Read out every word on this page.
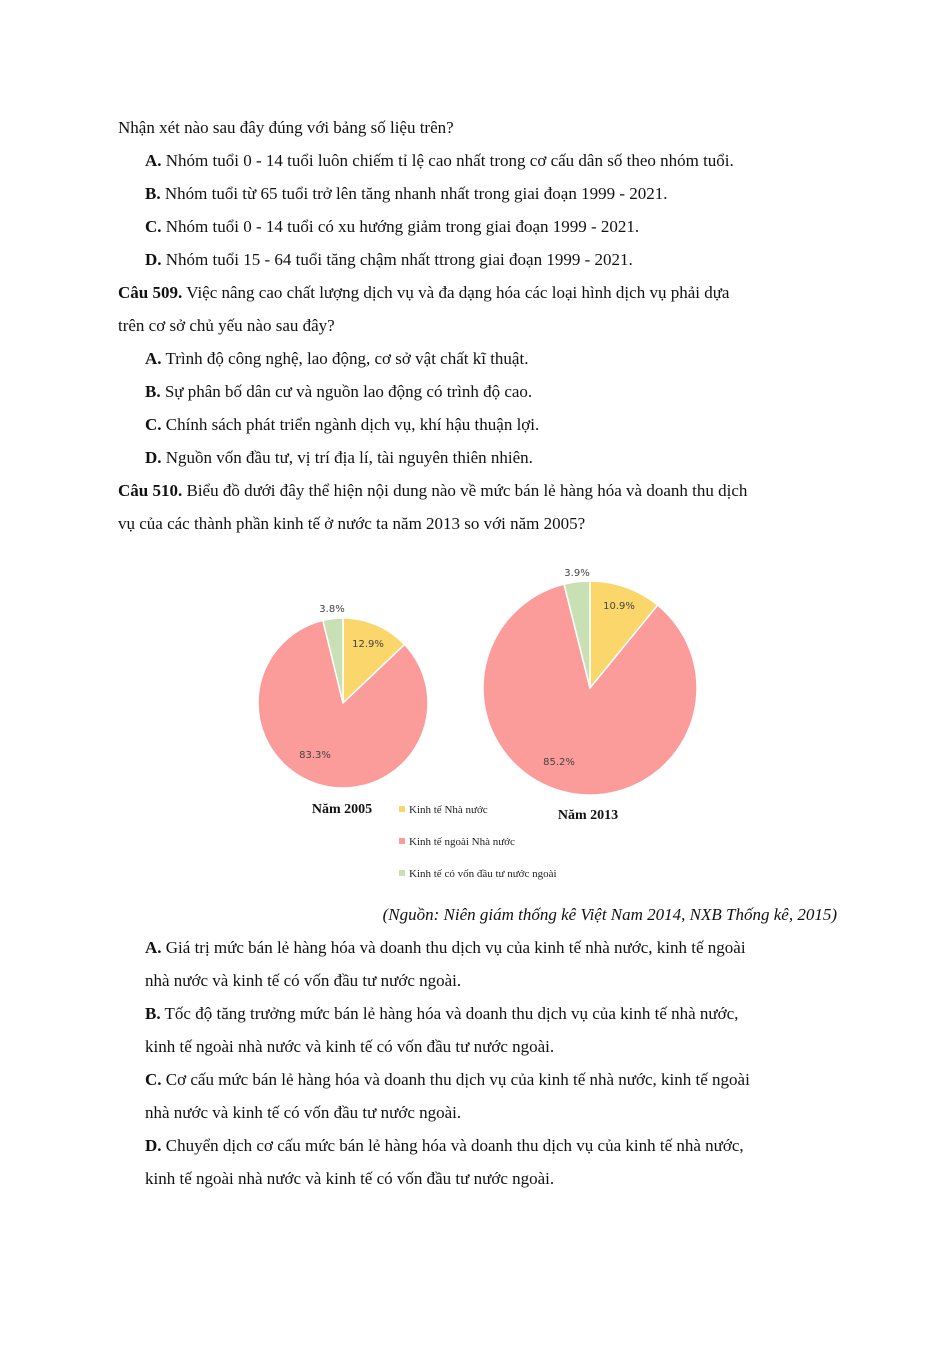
Nhận xét nào sau đây đúng với bảng số liệu trên?
A. Nhóm tuổi 0 - 14 tuổi luôn chiếm tỉ lệ cao nhất trong cơ cấu dân số theo nhóm tuổi.
B. Nhóm tuổi từ 65 tuổi trở lên tăng nhanh nhất trong giai đoạn 1999 - 2021.
C. Nhóm tuổi 0 - 14 tuổi có xu hướng giảm trong giai đoạn 1999 - 2021.
D. Nhóm tuổi 15 - 64 tuổi tăng chậm nhất ttrong giai đoạn 1999 - 2021.
Câu 509. Việc nâng cao chất lượng dịch vụ và đa dạng hóa các loại hình dịch vụ phải dựa
trên cơ sở chủ yếu nào sau đây?
A. Trình độ công nghệ, lao động, cơ sở vật chất kĩ thuật.
B. Sự phân bố dân cư và nguồn lao động có trình độ cao.
C. Chính sách phát triển ngành dịch vụ, khí hậu thuận lợi.
D. Nguồn vốn đầu tư, vị trí địa lí, tài nguyên thiên nhiên.
Câu 510. Biểu đồ dưới đây thể hiện nội dung nào về mức bán lẻ hàng hóa và doanh thu dịch
vụ của các thành phần kinh tế ở nước ta năm 2013 so với năm 2005?
12.9%
83.3%
3.8%
Năm 2005
10.9%
85.2%
3.9%
Năm 2013
Kinh tế Nhà nước
Kinh tế ngoài Nhà nước
Kinh tế có vốn đầu tư nước ngoài
(Nguồn: Niên giám thống kê Việt Nam 2014, NXB Thống kê, 2015)
A. Giá trị mức bán lẻ hàng hóa và doanh thu dịch vụ của kinh tế nhà nước, kinh tế ngoài
nhà nước và kinh tế có vốn đầu tư nước ngoài.
B. Tốc độ tăng trưởng mức bán lẻ hàng hóa và doanh thu dịch vụ của kinh tế nhà nước,
kinh tế ngoài nhà nước và kinh tế có vốn đầu tư nước ngoài.
C. Cơ cấu mức bán lẻ hàng hóa và doanh thu dịch vụ của kinh tế nhà nước, kinh tế ngoài
nhà nước và kinh tế có vốn đầu tư nước ngoài.
D. Chuyển dịch cơ cấu mức bán lẻ hàng hóa và doanh thu dịch vụ của kinh tế nhà nước,
kinh tế ngoài nhà nước và kinh tế có vốn đầu tư nước ngoài.
